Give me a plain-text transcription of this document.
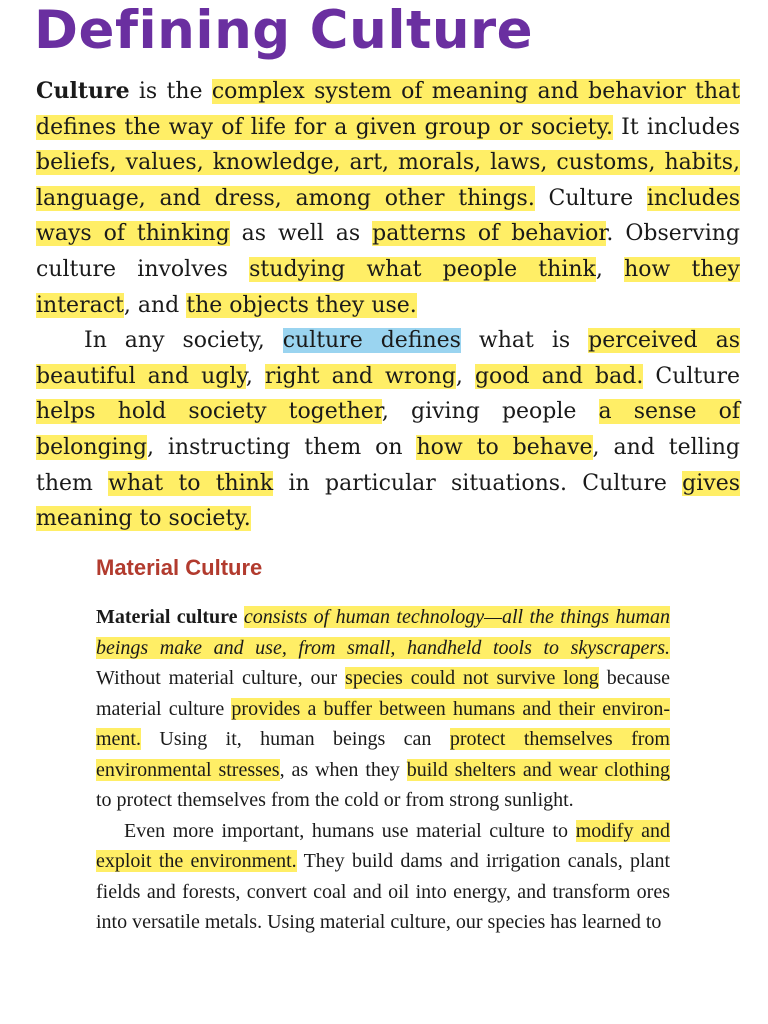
Defining Culture

Culture is the complex system of meaning and behavior that defines the way of life for a given group or society. It includes beliefs, values, knowledge, art, morals, laws, customs, habits, language, and dress, among other things. Culture includes ways of thinking as well as patterns of behavior. Observing culture involves studying what people think, how they interact, and the objects they use.

In any society, culture defines what is perceived as beautiful and ugly, right and wrong, good and bad. Culture helps hold society together, giving people a sense of belonging, instructing them on how to behave, and telling them what to think in particular situations. Culture gives meaning to society.

Material Culture

Material culture consists of human technology—all the things human beings make and use, from small, handheld tools to skyscrapers. Without material culture, our species could not survive long because material culture provides a buffer between humans and their environment. Using it, human beings can protect themselves from environmental stresses, as when they build shelters and wear clothing to protect themselves from the cold or from strong sunlight.

Even more important, humans use material culture to modify and exploit the environment. They build dams and irrigation canals, plant fields and forests, convert coal and oil into energy, and transform ores into versatile metals. Using material culture, our species has learned to
